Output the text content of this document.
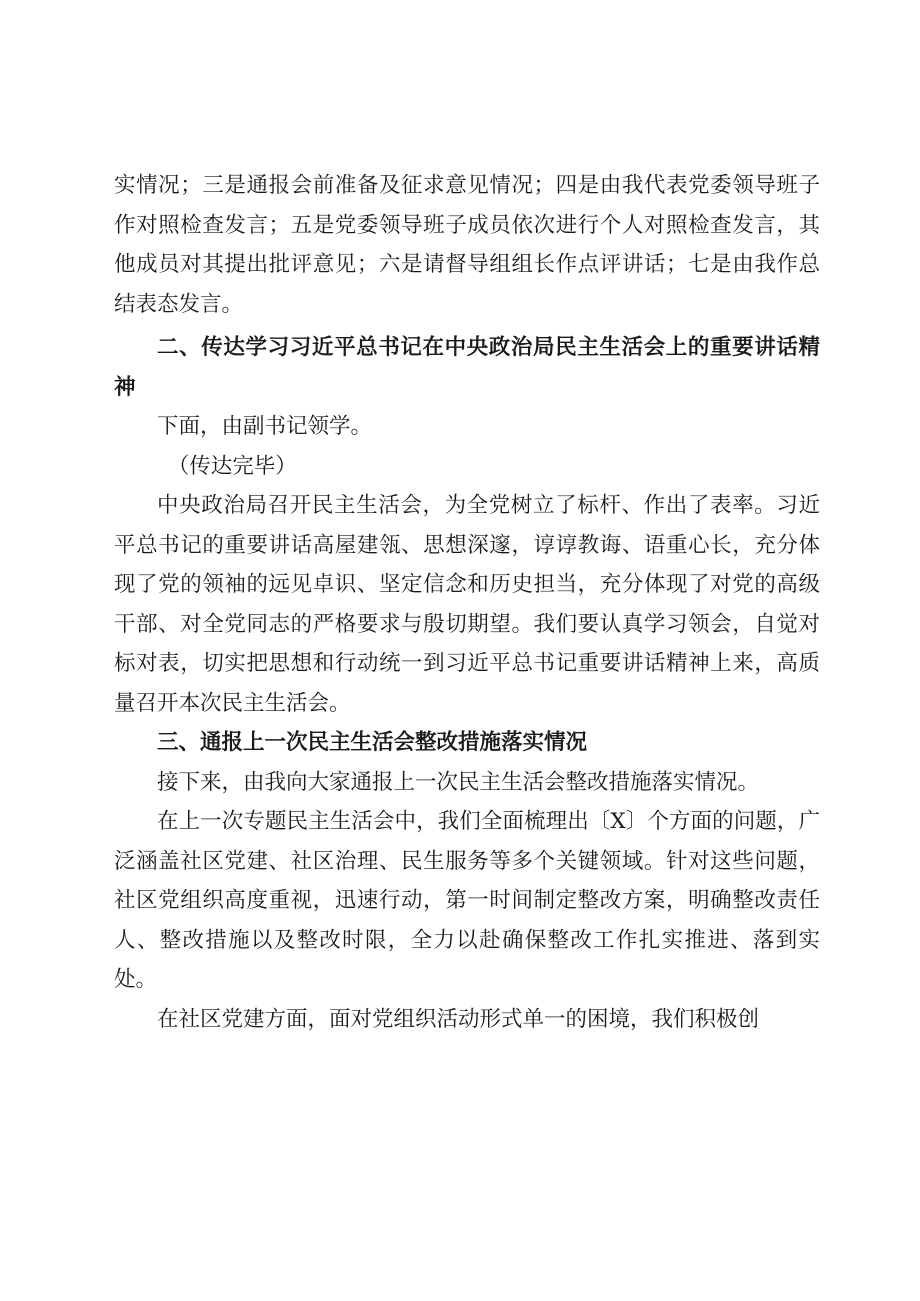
实情况；三是通报会前准备及征求意见情况；四是由我代表党委领导班子作对照检查发言；五是党委领导班子成员依次进行个人对照检查发言，其他成员对其提出批评意见；六是请督导组组长作点评讲话；七是由我作总结表态发言。

二、传达学习习近平总书记在中央政治局民主生活会上的重要讲话精神

下面，由副书记领学。

（传达完毕）

中央政治局召开民主生活会，为全党树立了标杆、作出了表率。习近平总书记的重要讲话高屋建瓴、思想深邃，谆谆教诲、语重心长，充分体现了党的领袖的远见卓识、坚定信念和历史担当，充分体现了对党的高级干部、对全党同志的严格要求与殷切期望。我们要认真学习领会，自觉对标对表，切实把思想和行动统一到习近平总书记重要讲话精神上来，高质量召开本次民主生活会。

三、通报上一次民主生活会整改措施落实情况

接下来，由我向大家通报上一次民主生活会整改措施落实情况。

在上一次专题民主生活会中，我们全面梳理出〔X〕个方面的问题，广泛涵盖社区党建、社区治理、民生服务等多个关键领域。针对这些问题，社区党组织高度重视，迅速行动，第一时间制定整改方案，明确整改责任人、整改措施以及整改时限，全力以赴确保整改工作扎实推进、落到实处。

在社区党建方面，面对党组织活动形式单一的困境，我们积极创
